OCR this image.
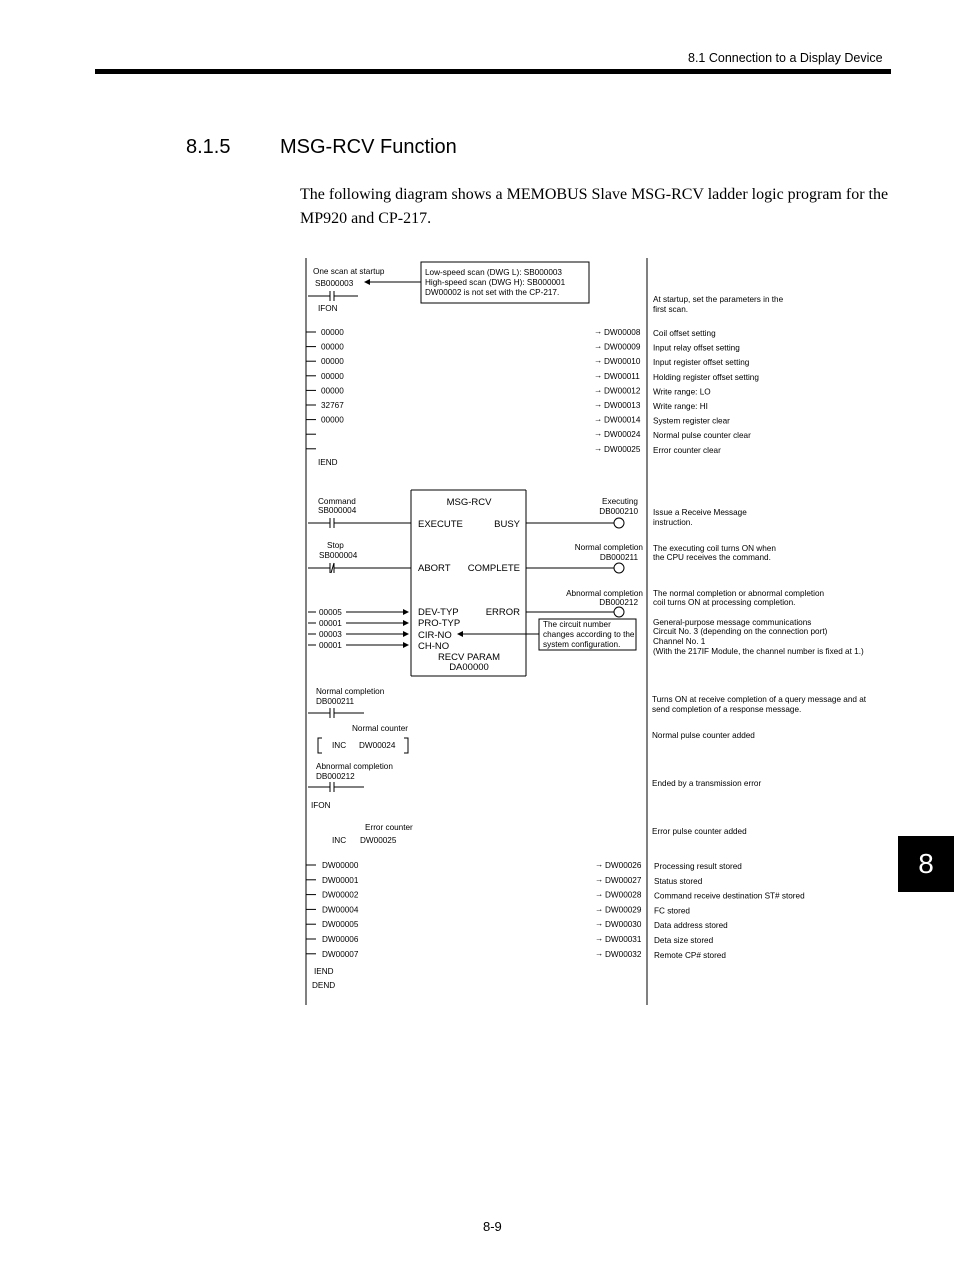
8.1 Connection to a Display Device
8.1.5 MSG-RCV Function
The following diagram shows a MEMOBUS Slave MSG-RCV ladder logic program for the MP920 and CP-217.
8
8-9
One scan at startup
SB000003
IFON
Low-speed scan (DWG L): SB000003
High-speed scan (DWG H): SB000001
DW00002 is not set with the CP-217.
At startup, set the parameters in the
first scan.
00000	→ DW00008 Coil offset setting
00000	→ DW00009 Input relay offset setting
00000	→ DW00010 Input register offset setting
00000	→ DW00011 Holding register offset setting
00000	→ DW00012 Write range: LO
32767	→ DW00013 Write range: HI
00000	→ DW00014 System register clear
→ DW00024 Normal pulse counter clear
→ DW00025 Error counter clear
IEND
MSG-RCV
EXECUTE	BUSY
ABORT COMPLETE
DEV-TYP	ERROR
PRO-TYP
CIR-NO
CH-NO
RECV PARAM
DA00000
Command
SB000004
Stop
SB000004
Executing
DB000210
Normal completion
DB000211
Abnormal completion
DB000212
00005
00001
00003
00001
The circuit number
changes according to the
system configuration.
Issue a Receive Message
instruction.
The executing coil turns ON when
the CPU receives the command.
The normal completion or abnormal completion
coil turns ON at processing completion.
General-purpose message communications
Circuit No. 3 (depending on the connection port)
Channel No. 1
(With the 217IF Module, the channel number is fixed at 1.)
Normal completion
DB000211
Normal counter
INC DW00024
Abnormal completion
DB000212
IFON
Error counter
INC DW00025
Turns ON at receive completion of a query message and at
send completion of a response message.
Normal pulse counter added
Ended by a transmission error
Error pulse counter added
DW00000	→ DW00026 Processing result stored
DW00001	→ DW00027 Status stored
DW00002	→ DW00028 Command receive destination ST# stored
DW00004	→ DW00029 FC stored
DW00005	→ DW00030 Data address stored
DW00006	→ DW00031 Deta size stored
DW00007	→ DW00032 Remote CP# stored
IEND
DEND
